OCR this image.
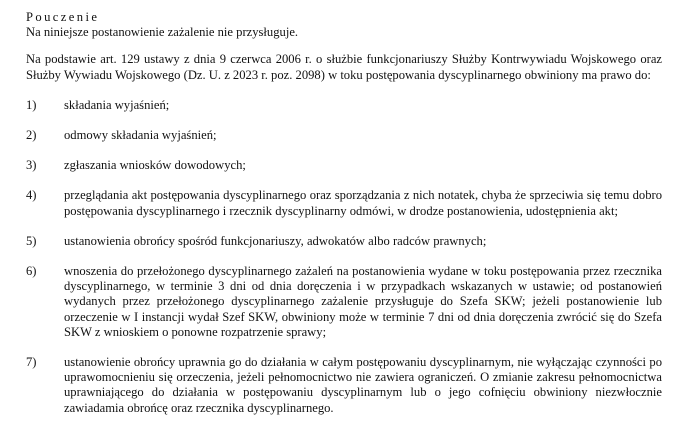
Pouczenie

Na niniejsze postanowienie zażalenie nie przysługuje.

Na podstawie art. 129 ustawy z dnia 9 czerwca 2006 r. o służbie funkcjonariuszy Służby Kontrwywiadu Wojskowego oraz Służby Wywiadu Wojskowego (Dz. U. z 2023 r. poz. 2098) w toku postępowania dyscyplinarnego obwiniony ma prawo do:

1)	składania wyjaśnień;
2)	odmowy składania wyjaśnień;
3)	zgłaszania wniosków dowodowych;
4)	przeglądania akt postępowania dyscyplinarnego oraz sporządzania z nich notatek, chyba że sprzeciwia się temu dobro postępowania dyscyplinarnego i rzecznik dyscyplinarny odmówi, w drodze postanowienia, udostępnienia akt;
5)	ustanowienia obrońcy spośród funkcjonariuszy, adwokatów albo radców prawnych;
6)	wnoszenia do przełożonego dyscyplinarnego zażaleń na postanowienia wydane w toku postępowania przez rzecznika dyscyplinarnego, w terminie 3 dni od dnia doręczenia i w przypadkach wskazanych w ustawie; od postanowień wydanych przez przełożonego dyscyplinarnego zażalenie przysługuje do Szefa SKW; jeżeli postanowienie lub orzeczenie w I instancji wydał Szef SKW, obwiniony może w terminie 7 dni od dnia doręczenia zwrócić się do Szefa SKW z wnioskiem o ponowne rozpatrzenie sprawy;
7)	ustanowienie obrońcy uprawnia go do działania w całym postępowaniu dyscyplinarnym, nie wyłączając czynności po uprawomocnieniu się orzeczenia, jeżeli pełnomocnictwo nie zawiera ograniczeń. O zmianie zakresu pełnomocnictwa uprawniającego do działania w postępowaniu dyscyplinarnym lub o jego cofnięciu obwiniony niezwłocznie zawiadamia obrońcę oraz rzecznika dyscyplinarnego.
